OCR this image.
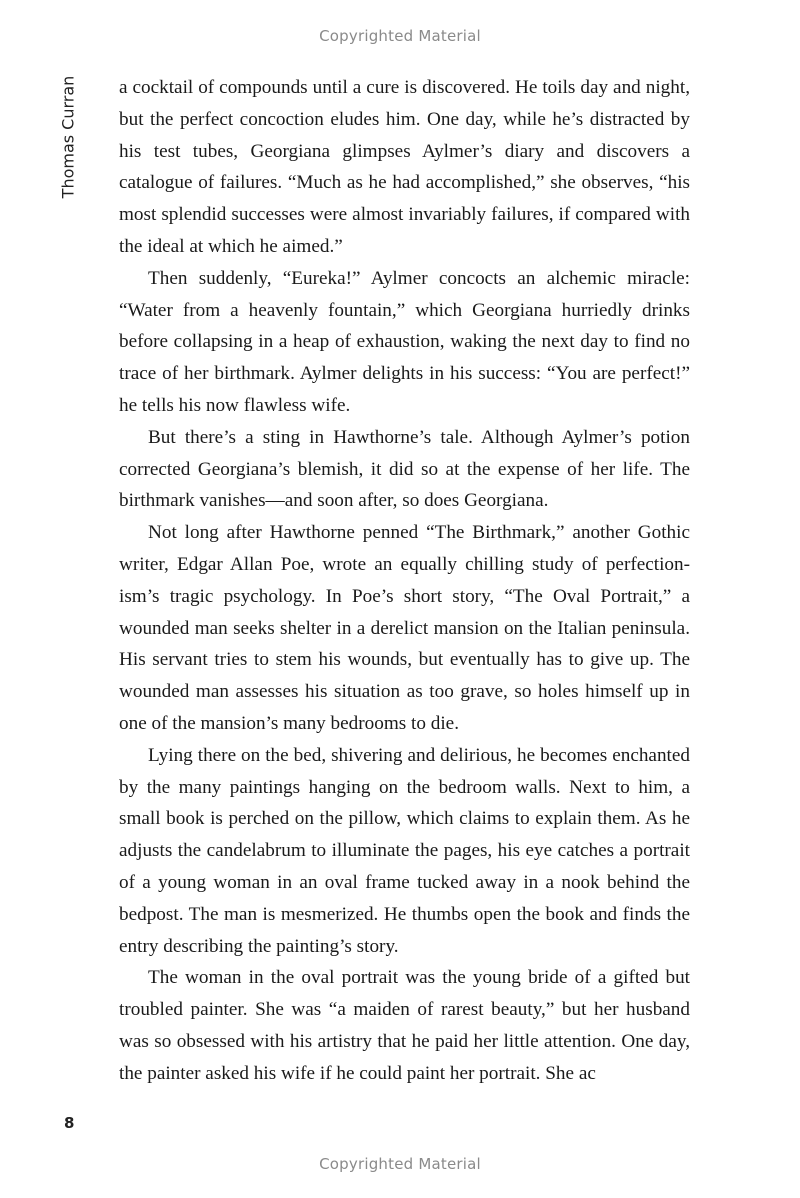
Copyrighted Material
Thomas Curran a cocktail of compounds until a cure is discovered. He toils day and night, but the perfect concoction eludes him. One day, while he’s distracted by his test tubes, Georgiana glimpses Aylmer’s diary and discovers a catalogue of failures. “Much as he had accomplished,” she observes, “his most splendid successes were almost invariably failures, if compared with the ideal at which he aimed.”

Then suddenly, “Eureka!” Aylmer concocts an alchemic miracle: “Water from a heavenly fountain,” which Georgiana hurriedly drinks before collapsing in a heap of exhaustion, waking the next day to find no trace of her birthmark. Aylmer delights in his success: “You are perfect!” he tells his now flawless wife.

But there’s a sting in Hawthorne’s tale. Although Aylmer’s potion corrected Georgiana’s blemish, it did so at the expense of her life. The birthmark vanishes—and soon after, so does Georgiana.

Not long after Hawthorne penned “The Birthmark,” another Gothic writer, Edgar Allan Poe, wrote an equally chilling study of perfectionism’s tragic psychology. In Poe’s short story, “The Oval Portrait,” a wounded man seeks shelter in a derelict mansion on the Italian peninsula. His servant tries to stem his wounds, but eventually has to give up. The wounded man assesses his situation as too grave, so holes himself up in one of the mansion’s many bedrooms to die.

Lying there on the bed, shivering and delirious, he becomes enchanted by the many paintings hanging on the bedroom walls. Next to him, a small book is perched on the pillow, which claims to explain them. As he adjusts the candelabrum to illuminate the pages, his eye catches a portrait of a young woman in an oval frame tucked away in a nook behind the bedpost. The man is mesmerized. He thumbs open the book and finds the entry describing the painting’s story.

The woman in the oval portrait was the young bride of a gifted but troubled painter. She was “a maiden of rarest beauty,” but her husband was so obsessed with his artistry that he paid her little attention. One day, the painter asked his wife if he could paint her portrait. She ac

8
Copyrighted Material
